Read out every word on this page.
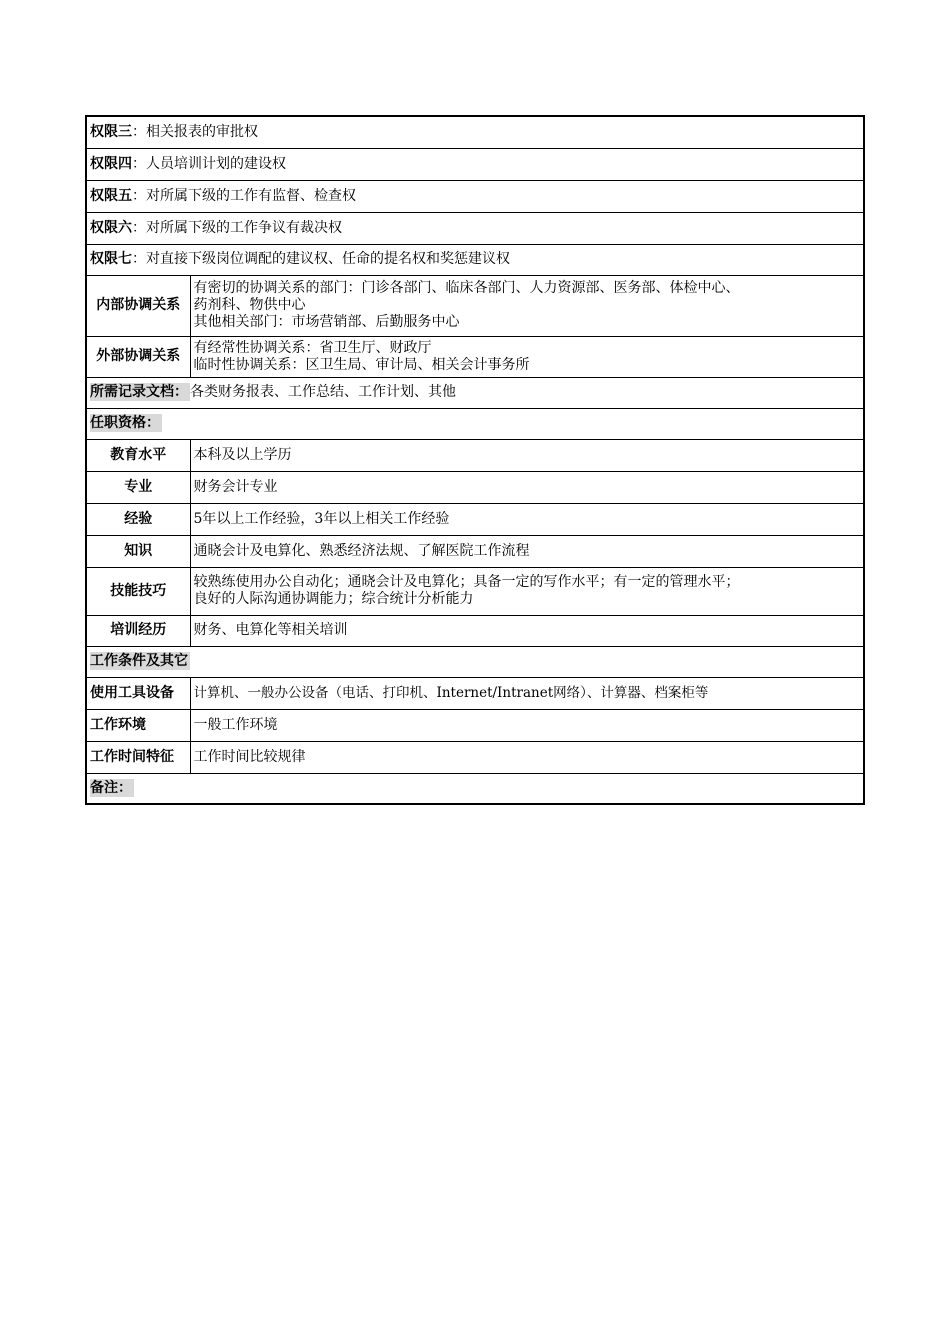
权限三：相关报表的审批权	
权限四：人员培训计划的建设权	
权限五：对所属下级的工作有监督、检查权	
权限六：对所属下级的工作争议有裁决权	
权限七：对直接下级岗位调配的建议权、任命的提名权和奖惩建议权	
内部协调关系	有密切的协调关系的部门：门诊各部门、临床各部门、人力资源部、医务部、体检中心、
药剂科、物供中心
其他相关部门：市场营销部、后勤服务中心

外部协调关系	有经常性协调关系：省卫生厅、财政厅
临时性协调关系：区卫生局、审计局、相关会计事务所

所需记录文档： 各类财务报表、工作总结、工作计划、其他	
任职资格：	
教育水平	本科及以上学历
专业	财务会计专业
经验	5年以上工作经验，3年以上相关工作经验
知识	通晓会计及电算化、熟悉经济法规、了解医院工作流程
技能技巧	较熟练使用办公自动化；通晓会计及电算化；具备一定的写作水平；有一定的管理水平；
良好的人际沟通协调能力；综合统计分析能力

培训经历	财务、电算化等相关培训
工作条件及其它	
使用工具设备	计算机、一般办公设备（电话、打印机、Internet/Intranet网络）、计算器、档案柜等
工作环境	一般工作环境
工作时间特征	工作时间比较规律
备注：	
